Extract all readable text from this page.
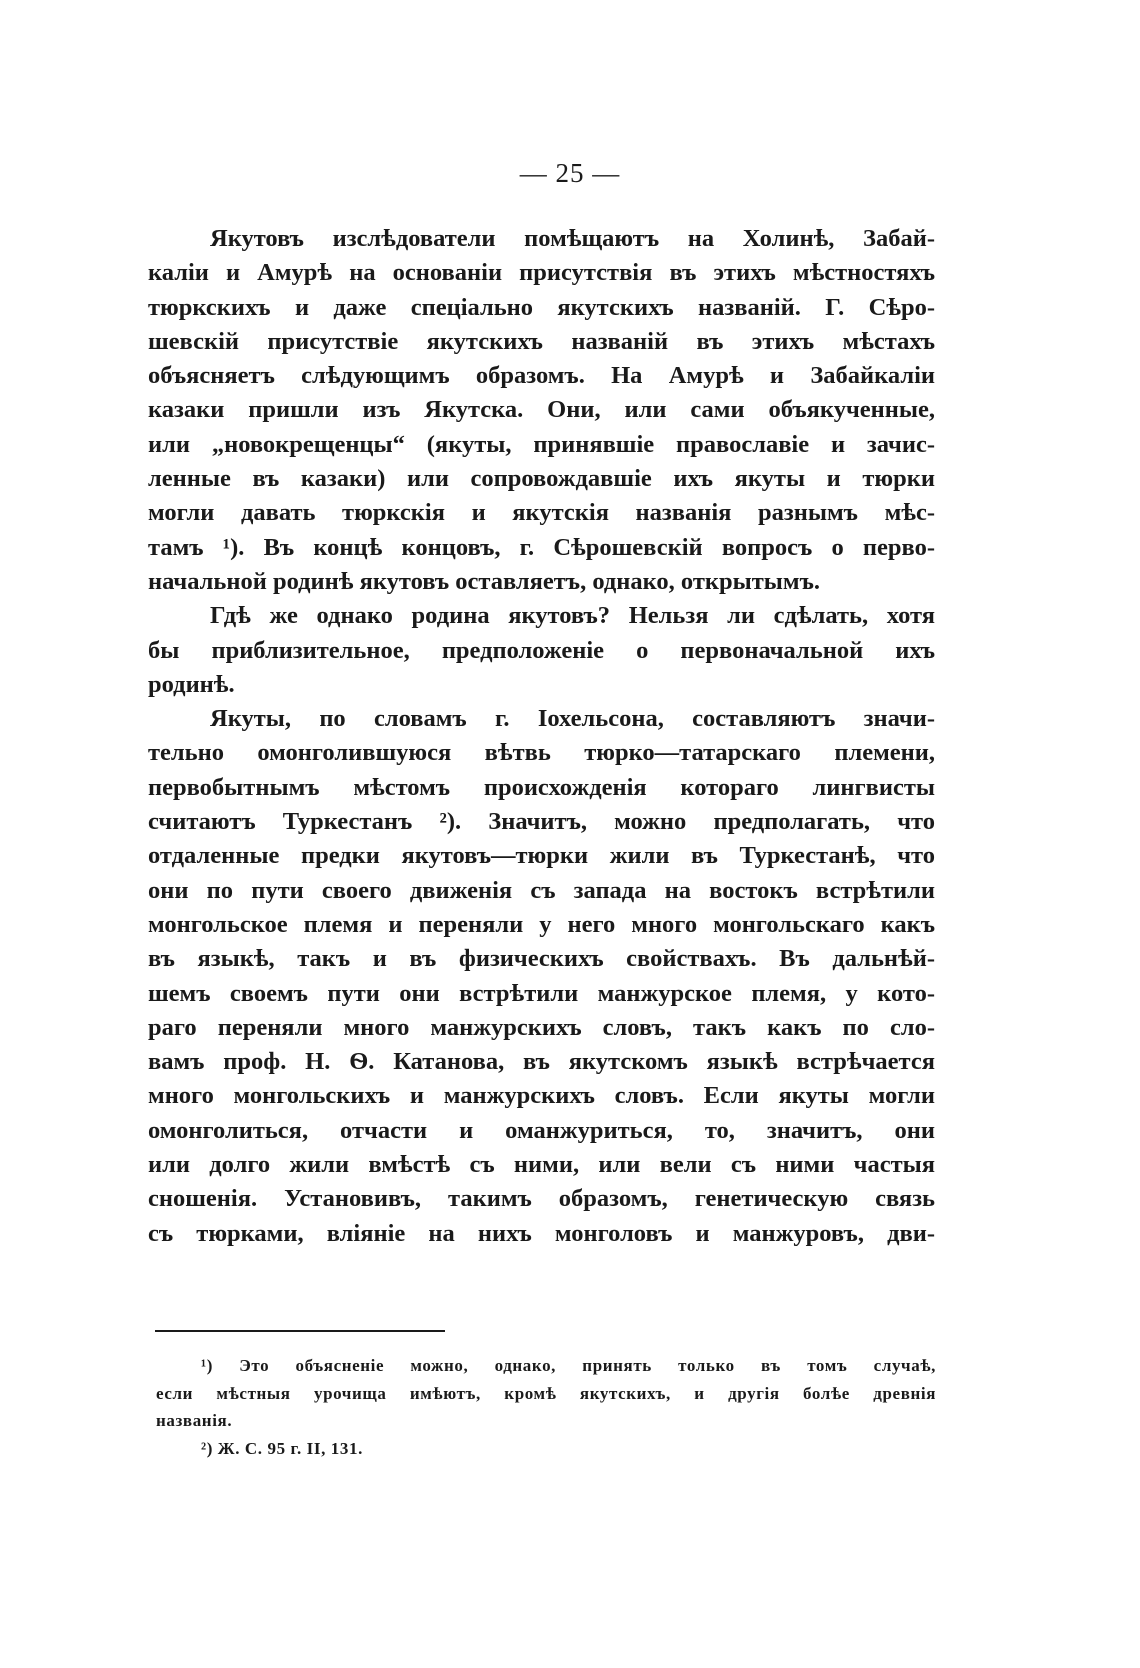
— 25 —
Якутовъ изслѣдователи помѣщаютъ на Холинѣ, Забай-
каліи и Амурѣ на основаніи присутствія въ этихъ мѣстностяхъ
тюркскихъ и даже спеціально якутскихъ названій. Г. Сѣро-
шевскій присутствіе якутскихъ названій въ этихъ мѣстахъ
объясняетъ слѣдующимъ образомъ. На Амурѣ и Забайкаліи
казаки пришли изъ Якутска. Они, или сами объякученные,
или „новокрещенцы“ (якуты, принявшіе православіе и зачис-
ленные въ казаки) или сопровождавшіе ихъ якуты и тюрки
могли давать тюркскія и якутскія названія разнымъ мѣс-
тамъ ¹). Въ концѣ концовъ, г. Сѣрошевскій вопросъ о перво-
начальной родинѣ якутовъ оставляетъ, однако, открытымъ.
Гдѣ же однако родина якутовъ? Нельзя ли сдѣлать, хотя
бы приблизительное, предположеніе о первоначальной ихъ
родинѣ.
Якуты, по словамъ г. Іохельсона, составляютъ значи-
тельно омонголившуюся вѣтвь тюрко—татарскаго племени,
первобытнымъ мѣстомъ происхожденія котораго лингвисты
считаютъ Туркестанъ ²). Значитъ, можно предполагать, что
отдаленные предки якутовъ—тюрки жили въ Туркестанѣ, что
они по пути своего движенія съ запада на востокъ встрѣтили
монгольское племя и переняли у него много монгольскаго какъ
въ языкѣ, такъ и въ физическихъ свойствахъ. Въ дальнѣй-
шемъ своемъ пути они встрѣтили манжурское племя, у кото-
раго переняли много манжурскихъ словъ, такъ какъ по сло-
вамъ проф. Н. Ѳ. Катанова, въ якутскомъ языкѣ встрѣчается
много монгольскихъ и манжурскихъ словъ. Если якуты могли
омонголиться, отчасти и оманжуриться, то, значитъ, они
или долго жили вмѣстѣ съ ними, или вели съ ними частыя
сношенія. Установивъ, такимъ образомъ, генетическую связь
съ тюрками, вліяніе на нихъ монголовъ и манжуровъ, дви-
¹) Это объясненіе можно, однако, принять только въ томъ случаѣ,
если мѣстныя урочища имѣютъ, кромѣ якутскихъ, и другія болѣе древнія
названія.
²) Ж. С. 95 г. II, 131.
